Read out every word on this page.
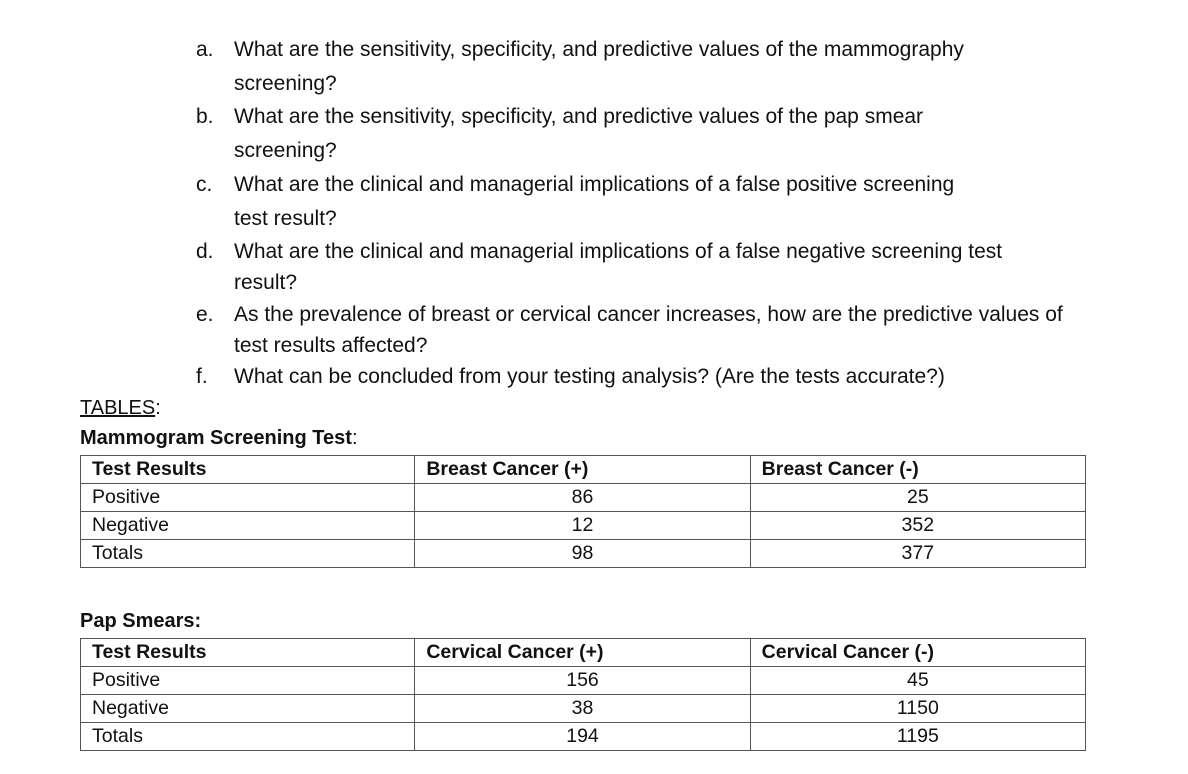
a. What are the sensitivity, specificity, and predictive values of the mammography
screening?
b. What are the sensitivity, specificity, and predictive values of the pap smear
screening?
c. What are the clinical and managerial implications of a false positive screening
test result?
d. What are the clinical and managerial implications of a false negative screening test
result?
e. As the prevalence of breast or cervical cancer increases, how are the predictive values of
test results affected?
f. What can be concluded from your testing analysis? (Are the tests accurate?)
TABLES:
Mammogram Screening Test:
Test Results	Breast Cancer (+)	Breast Cancer (-)
Positive	86	25
Negative	12	352
Totals	98	377
Pap Smears:
Test Results	Cervical Cancer (+)	Cervical Cancer (-)
Positive	156	45
Negative	38	1150
Totals	194	1195
